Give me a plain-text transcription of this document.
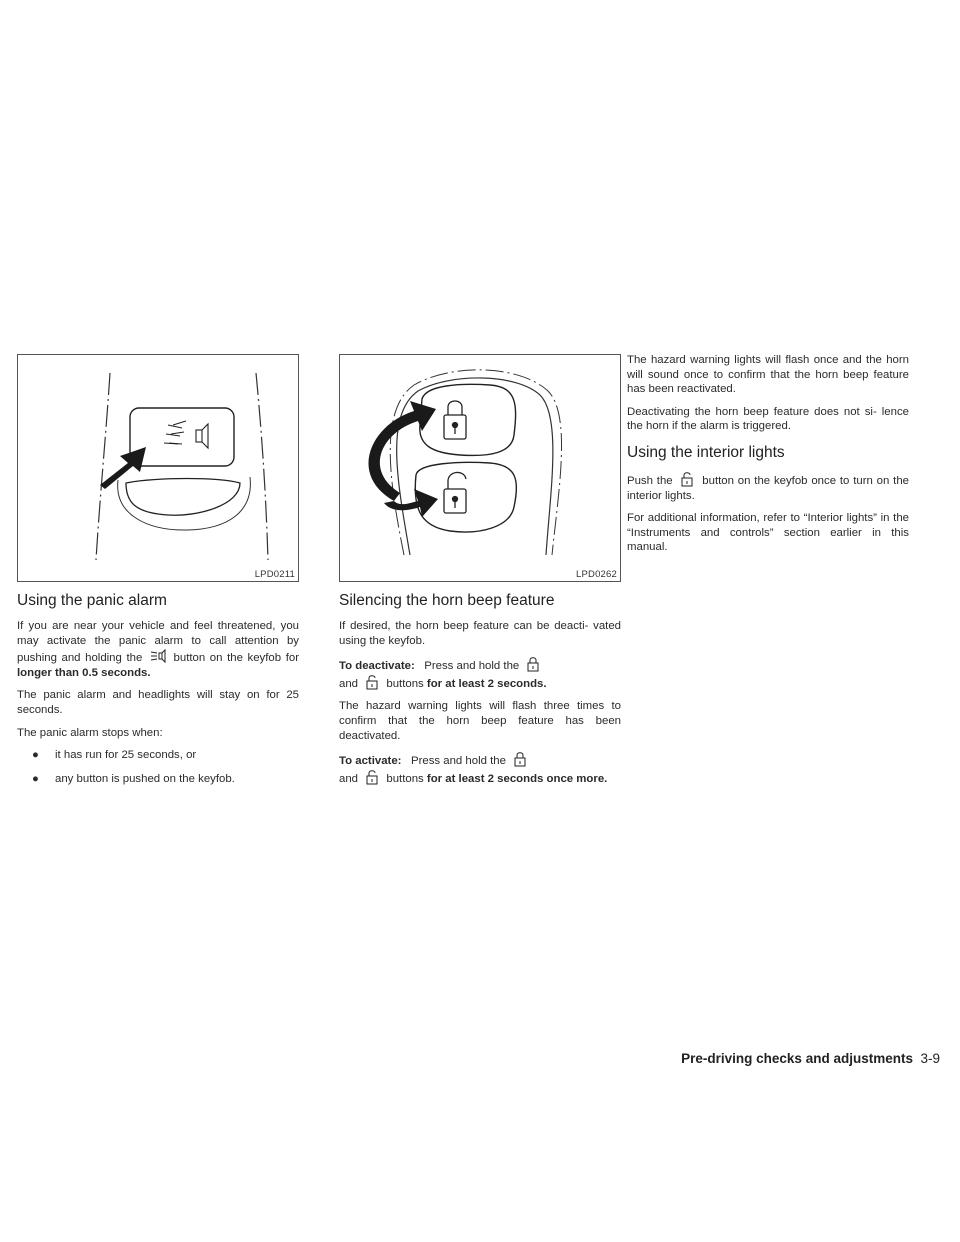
LPD0211
Using the panic alarm

If you are near your vehicle and feel threatened, you may activate the panic alarm to call attention by pushing and holding the	button on the keyfob for longer than 0.5 seconds.

The panic alarm and headlights will stay on for 25 seconds.

The panic alarm stops when:

● it has run for 25 seconds, or
● any button is pushed on the keyfob.
LPD0262
Silencing the horn beep feature

If desired, the horn beep feature can be deacti- vated using the keyfob.

To deactivate: Press and hold the
and buttons for at least 2 seconds.

The hazard warning lights will flash three times to confirm that the horn beep feature has been deactivated.

To activate: Press and hold the
and buttons for at least 2 seconds once more.

The hazard warning lights will flash once and the horn will sound once to confirm that the horn beep feature has been reactivated.

Deactivating the horn beep feature does not si- lence the horn if the alarm is triggered.

Using the interior lights

Push the	button on the keyfob once to turn on the interior lights.

For additional information, refer to “Interior lights” in the “Instruments and controls” section earlier in this manual.

Pre-driving checks and adjustments 3-9
